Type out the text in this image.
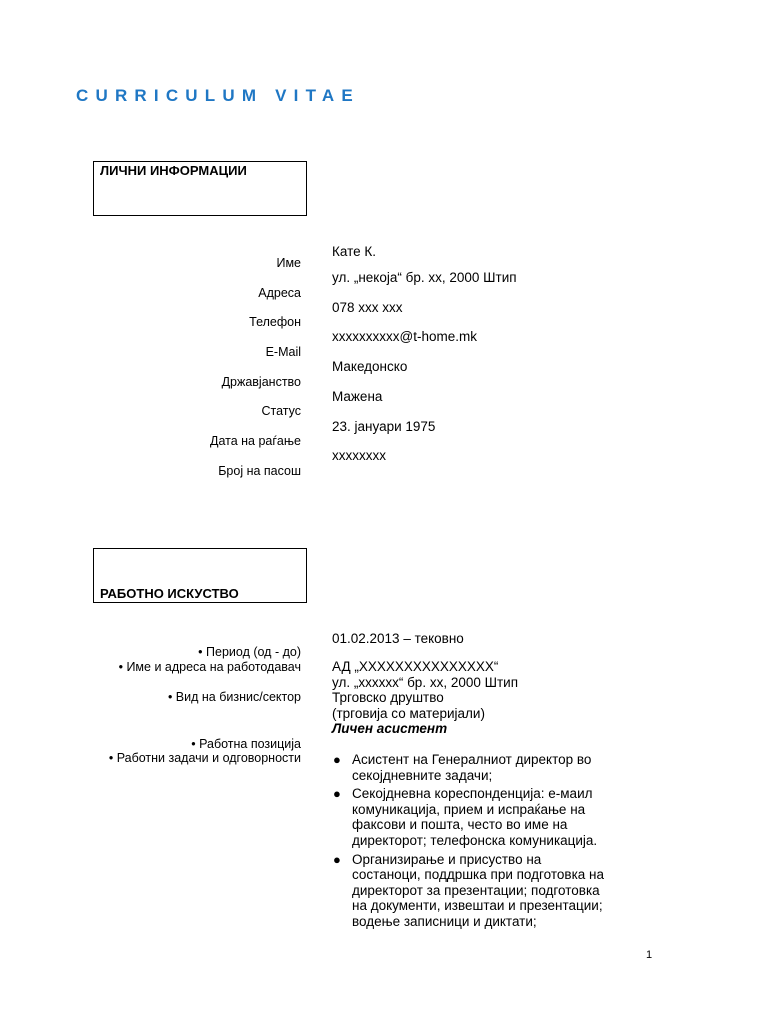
CURRICULUM VITAE
ЛИЧНИ ИНФОРМАЦИИ
Име
Адреса
Телефон
E-Mail
Државјанство
Статус
Дата на раѓање
Број на пасош
Кате К.
ул. „некоја“ бр. xx, 2000 Штип
078 xxx xxx
xxxxxxxxxx@t-home.mk
Македонско
Мажена
23. јануари 1975
xxxxxxxx
РАБОТНО ИСКУСТВО
• Период (од - до)
• Име и адреса на работодавач
• Вид на бизнис/сектор
• Работна позиција
• Работни задачи и одговорности
01.02.2013 – тековно
АД „XXXXXXXXXXXXXXX“
ул. „xxxxxx“ бр. xx, 2000 Штип
Трговско друштво
(трговија со материјали)
Личен асистент
● Асистент на Генералниот директор во
секојдневните задачи;
● Секојдневна кореспонденција: е-маил
комуникација, прием и испраќање на
факсови и пошта, често во име на
директорот; телефонска комуникација.
● Организирање и присуство на
состаноци, поддршка при подготовка на
директорот за презентации; подготовка
на документи, извештаи и презентации;
водење записници и диктати;
1
